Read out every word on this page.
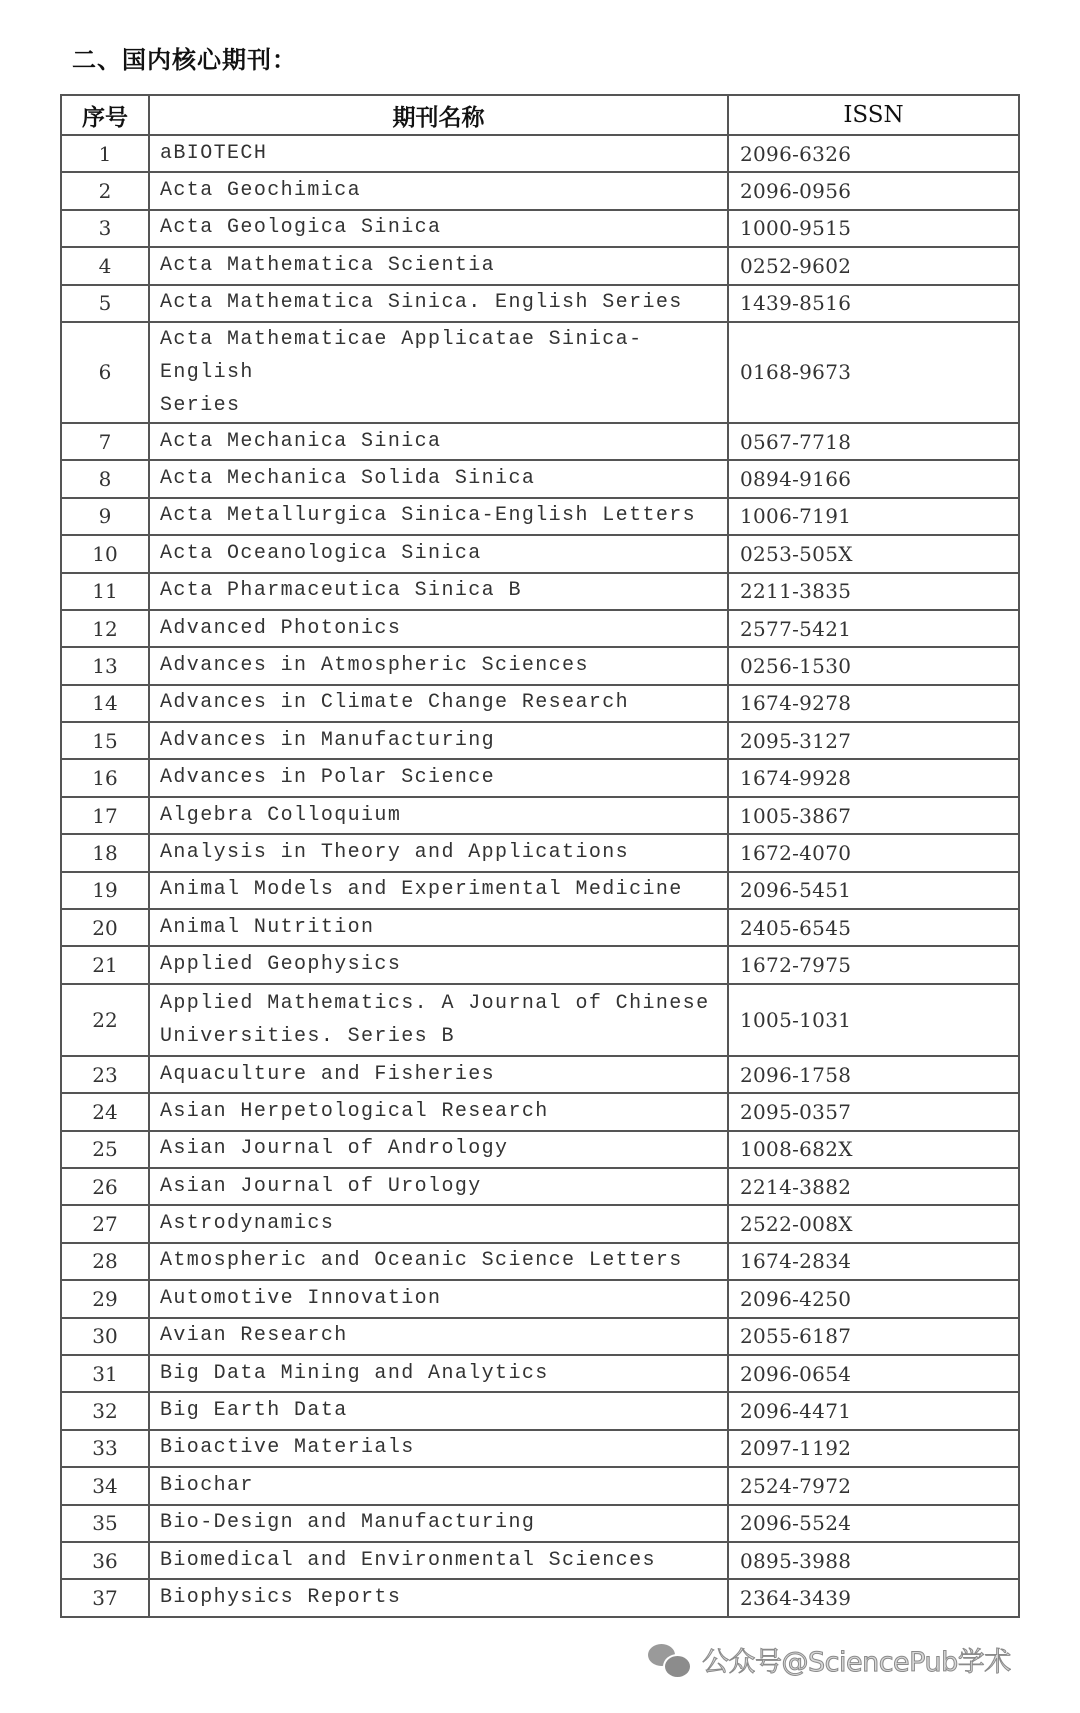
二、国内核心期刊：
序号	期刊名称	ISSN
1	aBIOTECH	2096-6326
2	Acta Geochimica	2096-0956
3	Acta Geologica Sinica	1000-9515
4	Acta Mathematica Scientia	0252-9602
5	Acta Mathematica Sinica. English Series	1439-8516
6	Acta Mathematicae Applicatae Sinica-English
Series	0168-9673
7	Acta Mechanica Sinica	0567-7718
8	Acta Mechanica Solida Sinica	0894-9166
9	Acta Metallurgica Sinica-English Letters	1006-7191
10	Acta Oceanologica Sinica	0253-505X
11	Acta Pharmaceutica Sinica B	2211-3835
12	Advanced Photonics	2577-5421
13	Advances in Atmospheric Sciences	0256-1530
14	Advances in Climate Change Research	1674-9278
15	Advances in Manufacturing	2095-3127
16	Advances in Polar Science	1674-9928
17	Algebra Colloquium	1005-3867
18	Analysis in Theory and Applications	1672-4070
19	Animal Models and Experimental Medicine	2096-5451
20	Animal Nutrition	2405-6545
21	Applied Geophysics	1672-7975
22	Applied Mathematics. A Journal of Chinese
Universities. Series B	1005-1031
23	Aquaculture and Fisheries	2096-1758
24	Asian Herpetological Research	2095-0357
25	Asian Journal of Andrology	1008-682X
26	Asian Journal of Urology	2214-3882
27	Astrodynamics	2522-008X
28	Atmospheric and Oceanic Science Letters	1674-2834
29	Automotive Innovation	2096-4250
30	Avian Research	2055-6187
31	Big Data Mining and Analytics	2096-0654
32	Big Earth Data	2096-4471
33	Bioactive Materials	2097-1192
34	Biochar	2524-7972
35	Bio-Design and Manufacturing	2096-5524
36	Biomedical and Environmental Sciences	0895-3988
37	Biophysics Reports	2364-3439
公众号@SciencePub学术
